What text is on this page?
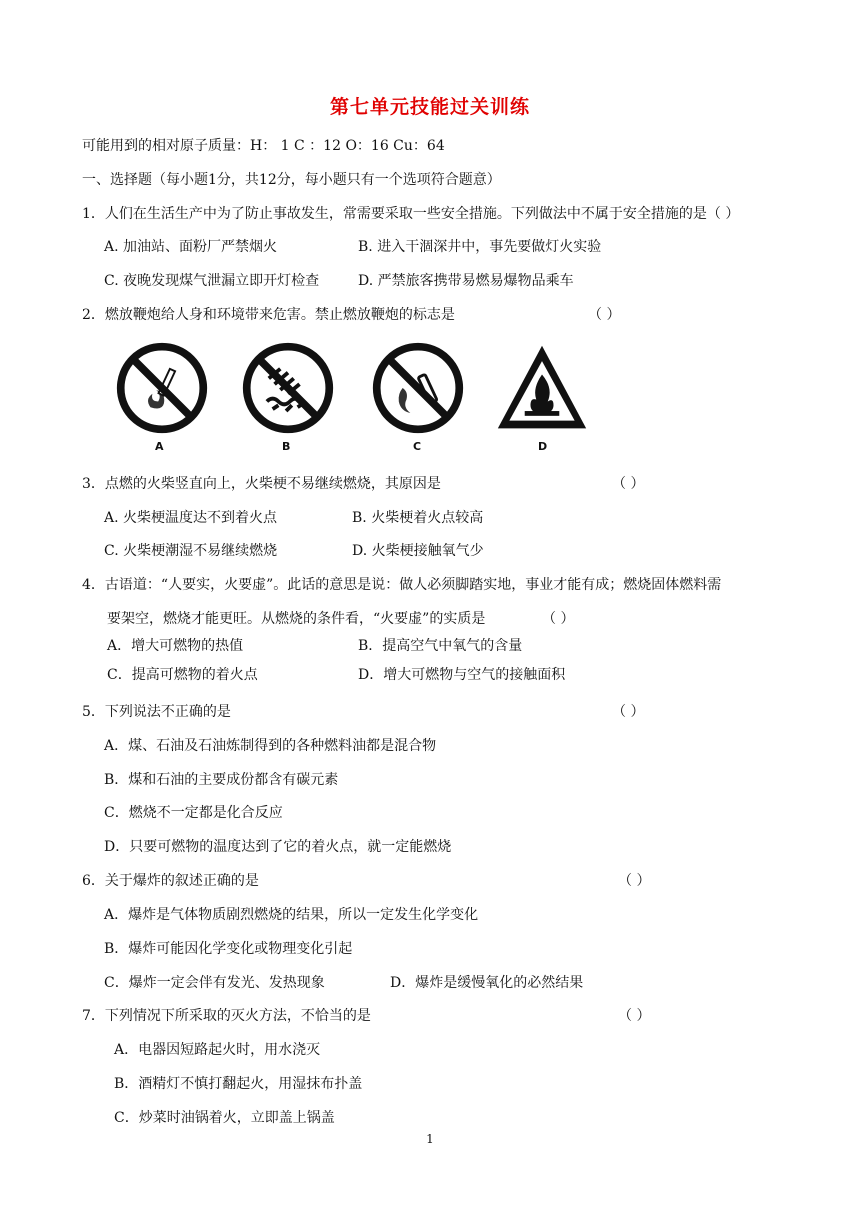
第七单元技能过关训练
可能用到的相对原子质量：H： 1 C ：12 O：16 Cu：64
一、选择题（每小题1分，共12分，每小题只有一个选项符合题意）
1．人们在生活生产中为了防止事故发生，常需要采取一些安全措施。下列做法中不属于安全措施的是（ ）
A. 加油站、面粉厂严禁烟火	B. 进入干涸深井中，事先要做灯火实验
C. 夜晚发现煤气泄漏立即开灯检查	D. 严禁旅客携带易燃易爆物品乘车
2．燃放鞭炮给人身和环境带来危害。禁止燃放鞭炮的标志是	（ ）
A	B	C	D
3．点燃的火柴竖直向上，火柴梗不易继续燃烧，其原因是	（ ）
A. 火柴梗温度达不到着火点	B. 火柴梗着火点较高
C. 火柴梗潮湿不易继续燃烧	D. 火柴梗接触氧气少
4．古语道：“人要实，火要虚”。此话的意思是说：做人必须脚踏实地，事业才能有成；燃烧固体燃料需
要架空，燃烧才能更旺。从燃烧的条件看，“火要虚”的实质是	（ ）
A．增大可燃物的热值	B．提高空气中氧气的含量
C．提高可燃物的着火点	D．增大可燃物与空气的接触面积
5．下列说法不正确的是	（ ）
A．煤、石油及石油炼制得到的各种燃料油都是混合物
B．煤和石油的主要成份都含有碳元素
C．燃烧不一定都是化合反应
D．只要可燃物的温度达到了它的着火点，就一定能燃烧
6．关于爆炸的叙述正确的是	（ ）
A．爆炸是气体物质剧烈燃烧的结果，所以一定发生化学变化
B．爆炸可能因化学变化或物理变化引起
C．爆炸一定会伴有发光、发热现象	D．爆炸是缓慢氧化的必然结果
7．下列情况下所采取的灭火方法，不恰当的是	（ ）
A．电器因短路起火时，用水浇灭
B．酒精灯不慎打翻起火，用湿抹布扑盖
C．炒菜时油锅着火，立即盖上锅盖
1
